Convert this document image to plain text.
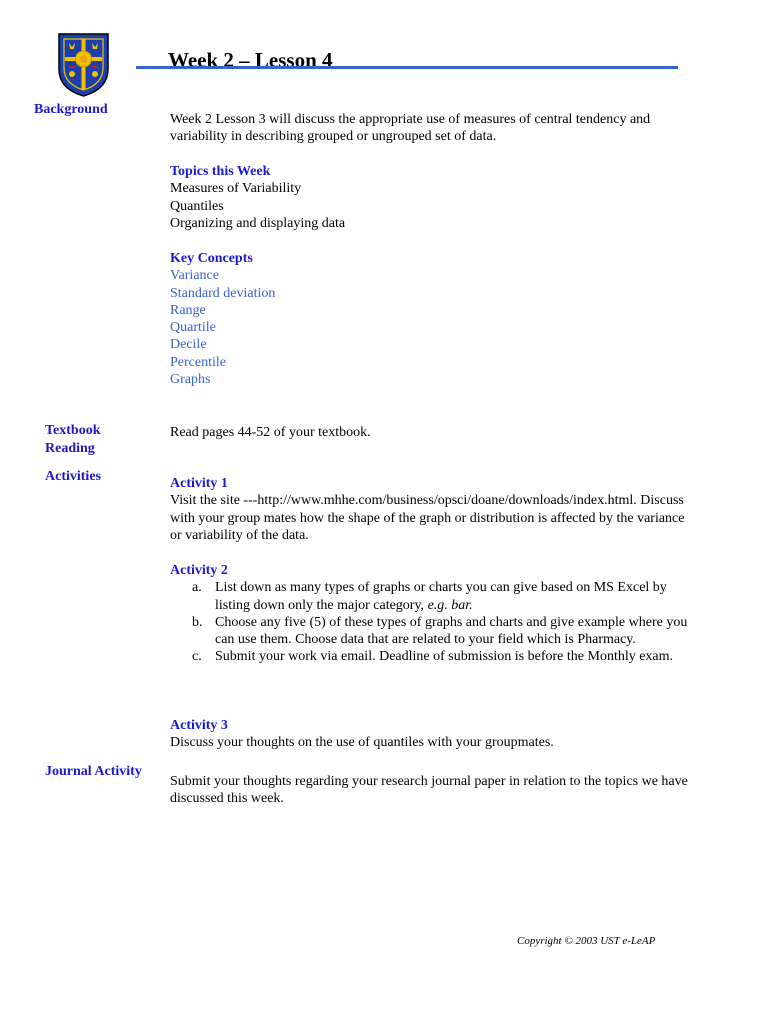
Week 2 – Lesson 4
Background
Textbook
Reading
Activities
Journal Activity
Week 2 Lesson 3 will discuss the appropriate use of measures of central tendency and variability in describing grouped or ungrouped set of data.
Topics this Week
Measures of Variability
Quantiles
Organizing and displaying data
Key Concepts
Variance
Standard deviation
Range
Quartile
Decile
Percentile
Graphs
Read pages 44-52 of your textbook.
Activity 1
Visit the site ---http://www.mhhe.com/business/opsci/doane/downloads/index.html. Discuss with your group mates how the shape of the graph or distribution is affected by the variance or variability of the data.
Activity 2
a. List down as many types of graphs or charts you can give based on MS Excel by listing down only the major category, e.g. bar.
b. Choose any five (5) of these types of graphs and charts and give example where you can use them. Choose data that are related to your field which is Pharmacy.
c. Submit your work via email. Deadline of submission is before the Monthly exam.
Activity 3
Discuss your thoughts on the use of quantiles with your groupmates.
Submit your thoughts regarding your research journal paper in relation to the topics we have discussed this week.
Copyright © 2003 UST e-LeAP
